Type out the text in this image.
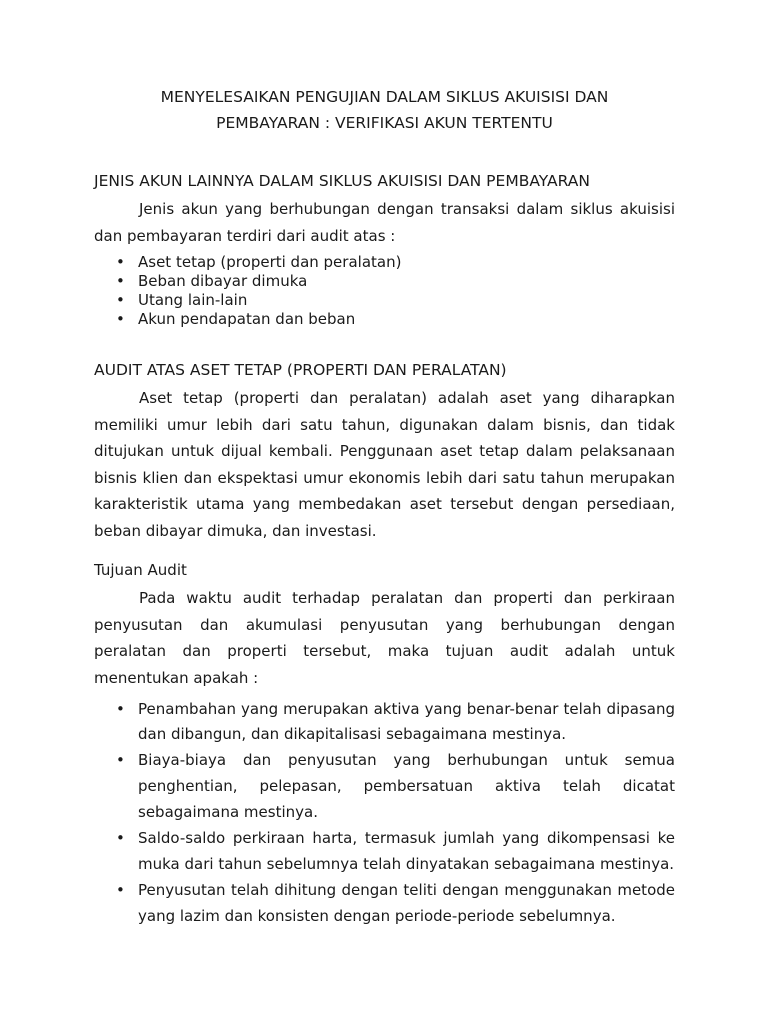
MENYELESAIKAN PENGUJIAN DALAM SIKLUS AKUISISI DAN
PEMBAYARAN : VERIFIKASI AKUN TERTENTU
JENIS AKUN LAINNYA DALAM SIKLUS AKUISISI DAN PEMBAYARAN

Jenis akun yang berhubungan dengan transaksi dalam siklus akuisisi dan pembayaran terdiri dari audit atas :

• Aset tetap (properti dan peralatan)
• Beban dibayar dimuka
• Utang lain-lain
• Akun pendapatan dan beban
AUDIT ATAS ASET TETAP (PROPERTI DAN PERALATAN)

Aset tetap (properti dan peralatan) adalah aset yang diharapkan memiliki umur lebih dari satu tahun, digunakan dalam bisnis, dan tidak ditujukan untuk dijual kembali. Penggunaan aset tetap dalam pelaksanaan bisnis klien dan ekspektasi umur ekonomis lebih dari satu tahun merupakan karakteristik utama yang membedakan aset tersebut dengan persediaan, beban dibayar dimuka, dan investasi.

Tujuan Audit

Pada waktu audit terhadap peralatan dan properti dan perkiraan penyusutan dan akumulasi penyusutan yang berhubungan dengan peralatan dan properti tersebut, maka tujuan audit adalah untuk menentukan apakah :

• Penambahan yang merupakan aktiva yang benar-benar telah dipasang dan dibangun, dan dikapitalisasi sebagaimana mestinya.
• Biaya-biaya dan penyusutan yang berhubungan untuk semua penghentian, pelepasan, pembersatuan aktiva telah dicatat sebagaimana mestinya.
• Saldo-saldo perkiraan harta, termasuk jumlah yang dikompensasi ke muka dari tahun sebelumnya telah dinyatakan sebagaimana mestinya.
• Penyusutan telah dihitung dengan teliti dengan menggunakan metode yang lazim dan konsisten dengan periode-periode sebelumnya.
